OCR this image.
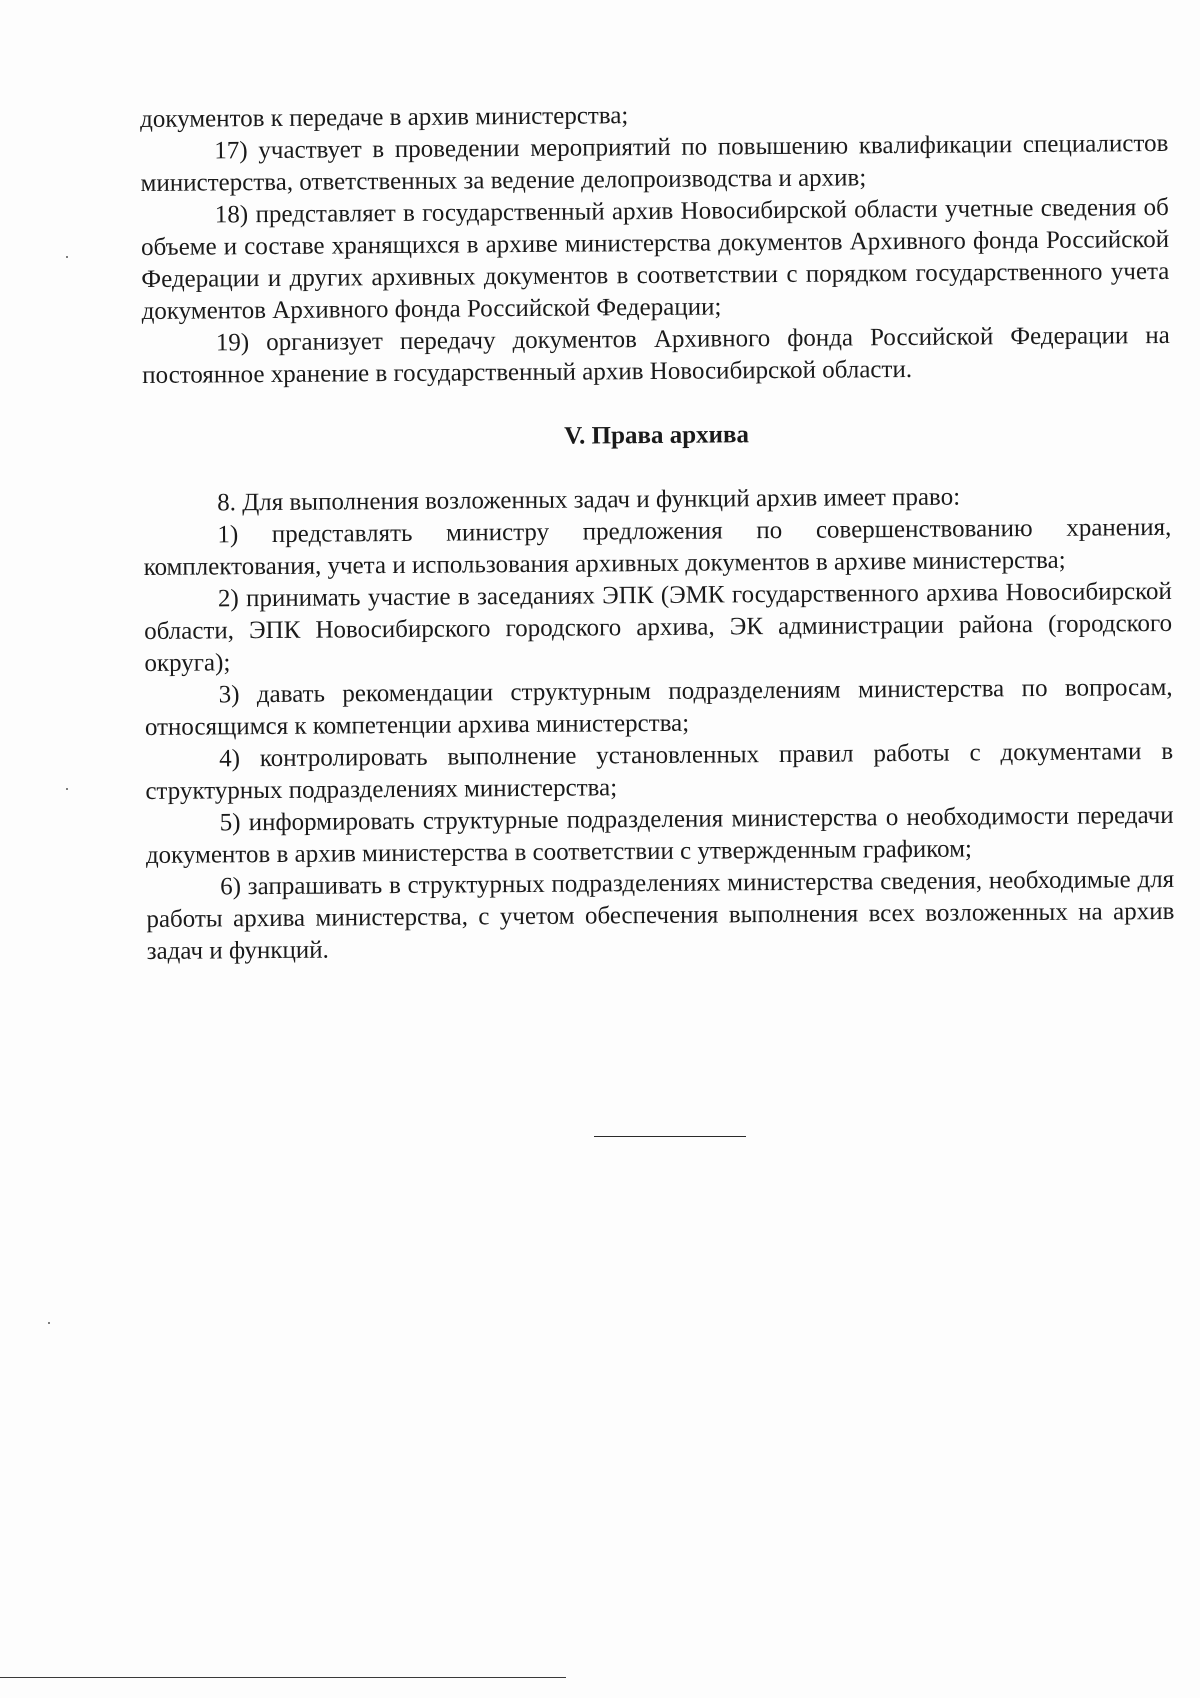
документов к передаче в архив министерства;

17) участвует в проведении мероприятий по повышению квалификации специалистов министерства, ответственных за ведение делопроизводства и архив;

18) представляет в государственный архив Новосибирской области учетные сведения об объеме и составе хранящихся в архиве министерства документов Архивного фонда Российской Федерации и других архивных документов в соответствии с порядком государственного учета документов Архивного фонда Российской Федерации;

19) организует передачу документов Архивного фонда Российской Федерации на постоянное хранение в государственный архив Новосибирской области.

V. Права архива

8. Для выполнения возложенных задач и функций архив имеет право:

1) представлять министру предложения по совершенствованию хранения, комплектования, учета и использования архивных документов в архиве министерства;

2) принимать участие в заседаниях ЭПК (ЭМК государственного архива Новосибирской области, ЭПК Новосибирского городского архива, ЭК администрации района (городского округа);

3) давать рекомендации структурным подразделениям министерства по вопросам, относящимся к компетенции архива министерства;

4) контролировать выполнение установленных правил работы с документами в структурных подразделениях министерства;

5) информировать структурные подразделения министерства о необходимости передачи документов в архив министерства в соответствии с утвержденным графиком;

6) запрашивать в структурных подразделениях министерства сведения, необходимые для работы архива министерства, с учетом обеспечения выполнения всех возложенных на архив задач и функций.
